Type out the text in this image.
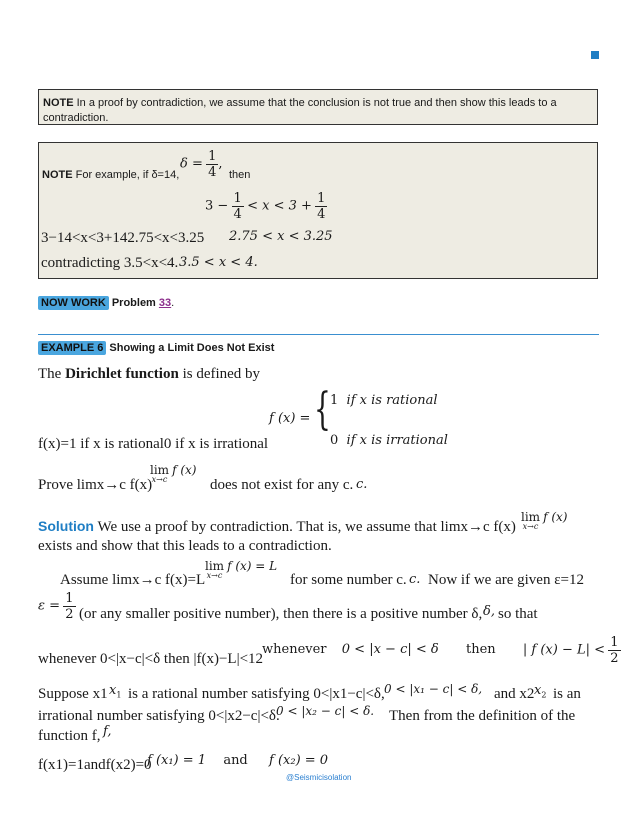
NOTE In a proof by contradiction, we assume that the conclusion is not true and then show this leads to a contradiction.
NOTE For example, if δ=14,
$\delta = \frac{1}{4}$ ,
then
$3 - \frac{1}{4} < x < 3 + \frac{1}{4}$
3−14<x<3+142.75<x<3.25 2.75 < x < 3.25
contradicting 3.5<x<4. 3.5 < x < 4.
NOW WORK Problem 33.
EXAMPLE 6 Showing a Limit Does Not Exist
The Dirichlet function is defined by
f (x) = { 1 if x is rational
0 if x is irrational
f(x)=1 if x is rational0 if x is irrational
Prove limx→c f(x)
lim
x→c
f (x)
does not exist for any c. c.
Solution We use a proof by contradiction. That is, we assume that limx→c f(x)
lim
x→c
f (x)
exists and show that this leads to a contradiction.
Assume limx→c f(x)=L
lim
x→c
f (x) = L
for some number c. c. Now if we are given ε=12
$\varepsilon = \frac{1}{2} (or$ any smaller positive number), then there is a positive number δ, δ, so that
whenever 0<|x−c|<δ then |f(x)−L|<12
whenever 0 < |x − c| < δ then | f $(x) - L| < \frac{1}{2}$
Suppose x1 $x_1$ is a rational number satisfying 0<|x1−c|<δ, 0 < |x₁ − c| < δ, and x2 $x_2$ is an
irrational number satisfying 0<|x2−c|<δ.
0 < |x₂ − c| < δ. Then from the definition of the
function f, f,
f(x1)=1andf(x2)=0
f (x₁) = 1 and f (x₂) = 0
@Seismicisolation
